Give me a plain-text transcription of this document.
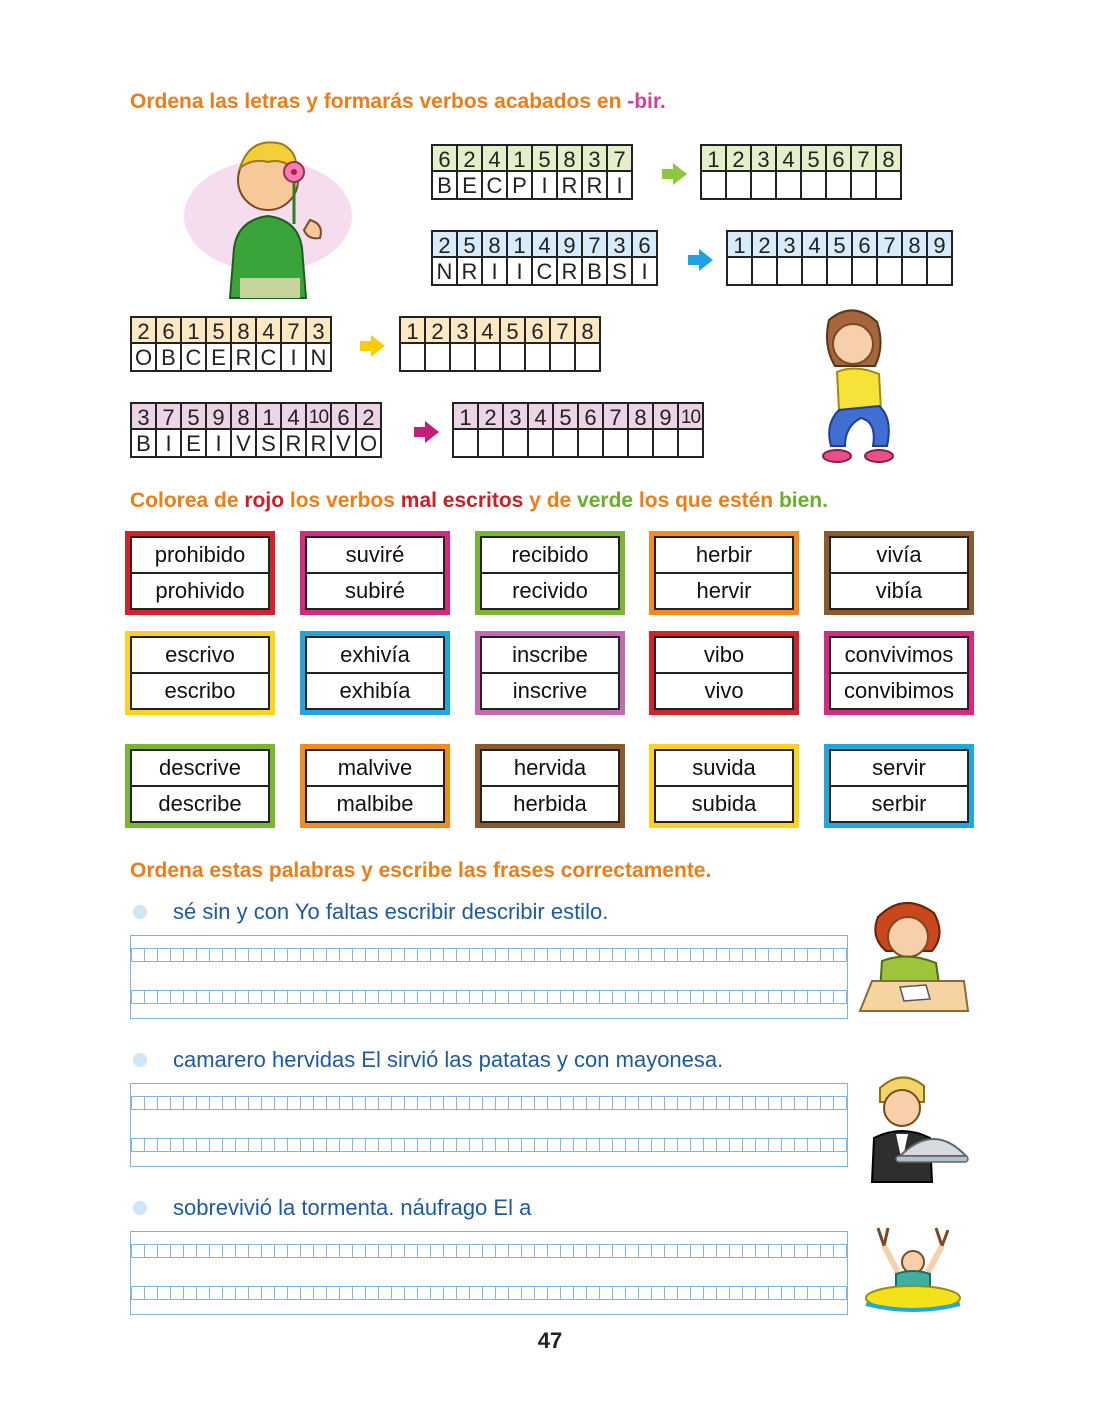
Ordena las letras y formarás verbos acabados en -bir.
6 2 4 1 5 8 3 7
B E C P I R R I
1 2 3 4 5 6 7 8
2 5 8 1 4 9 7 3 6
N R I I C R B S I
1 2 3 4 5 6 7 8 9
2 6 1 5 8 4 7 3
O B C E R C I N
1 2 3 4 5 6 7 8
3 7 5 9 8 1 4 10 6 2
B I E I V S R R V O
1 2 3 4 5 6 7 8 9 10
Colorea de rojo los verbos mal escritos y de verde los que estén bien.
prohibido
prohivido
suviré
subiré
recibido
recivido
herbir
hervir
vivía
vibía
escrivo
escribo
exhivía
exhibía
inscribe
inscrive
vibo
vivo
convivimos
convibimos
descrive
describe
malvive
malbibe
hervida
herbida
suvida
subida
servir
serbir
Ordena estas palabras y escribe las frases correctamente.
sé sin y con Yo faltas escribir describir estilo.
camarero hervidas El sirvió las patatas y con mayonesa.
sobrevivió la tormenta. náufrago El a
47
